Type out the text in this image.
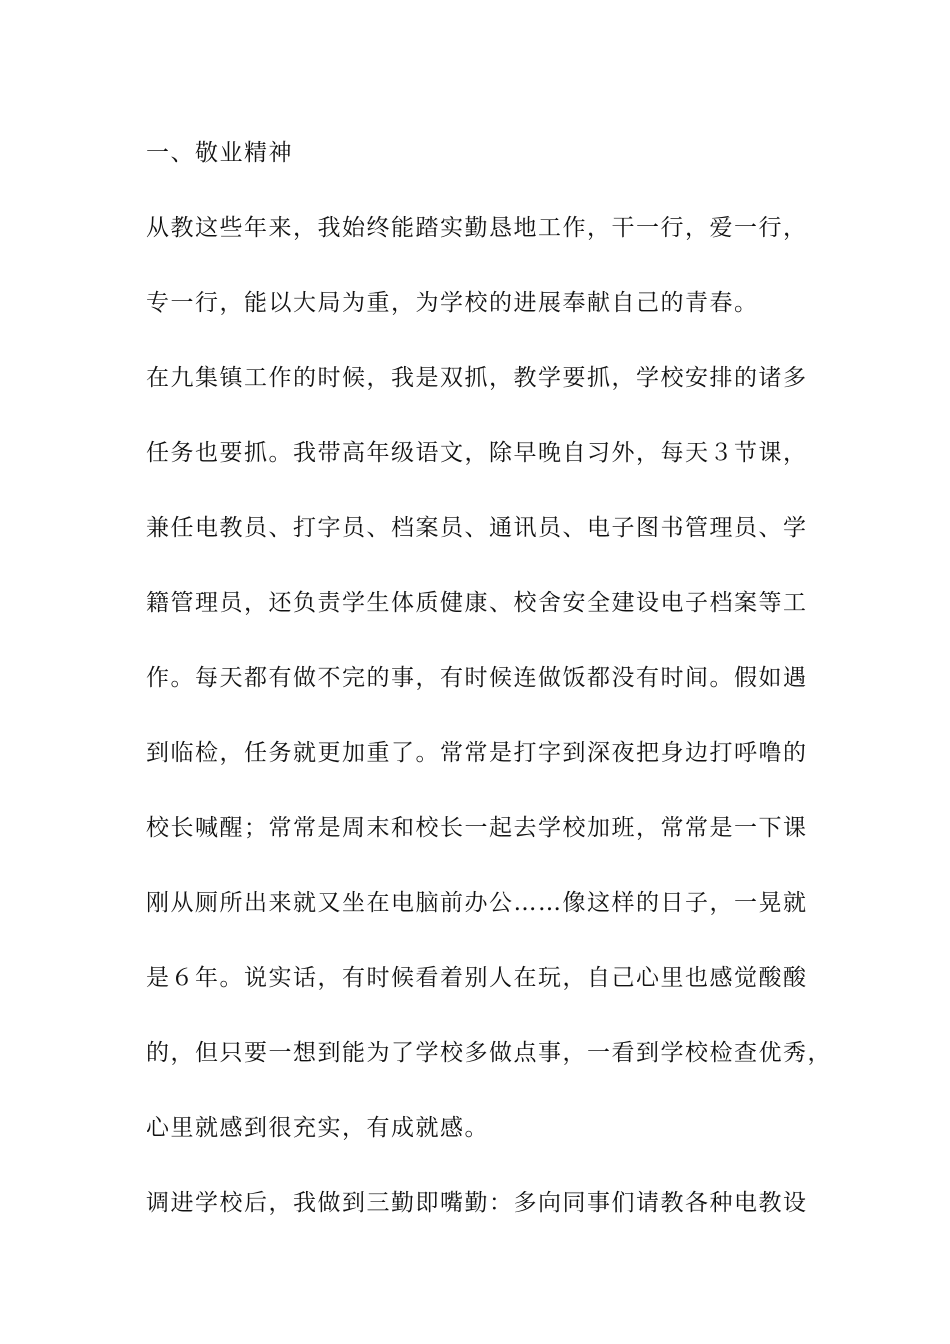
一、敬业精神
从教这些年来，我始终能踏实勤恳地工作，干一行，爱一行，
专一行，能以大局为重，为学校的进展奉献自己的青春。
在九集镇工作的时候，我是双抓，教学要抓，学校安排的诸多
任务也要抓。我带高年级语文，除早晚自习外，每天３节课，
兼任电教员、打字员、档案员、通讯员、电子图书管理员、学
籍管理员，还负责学生体质健康、校舍安全建设电子档案等工
作。每天都有做不完的事，有时候连做饭都没有时间。假如遇
到临检，任务就更加重了。常常是打字到深夜把身边打呼噜的
校长喊醒；常常是周末和校长一起去学校加班，常常是一下课
刚从厕所出来就又坐在电脑前办公……像这样的日子，一晃就
是６年。说实话，有时候看着别人在玩，自己心里也感觉酸酸
的，但只要一想到能为了学校多做点事，一看到学校检查优秀，
心里就感到很充实，有成就感。
调进学校后，我做到三勤即嘴勤：多向同事们请教各种电教设
